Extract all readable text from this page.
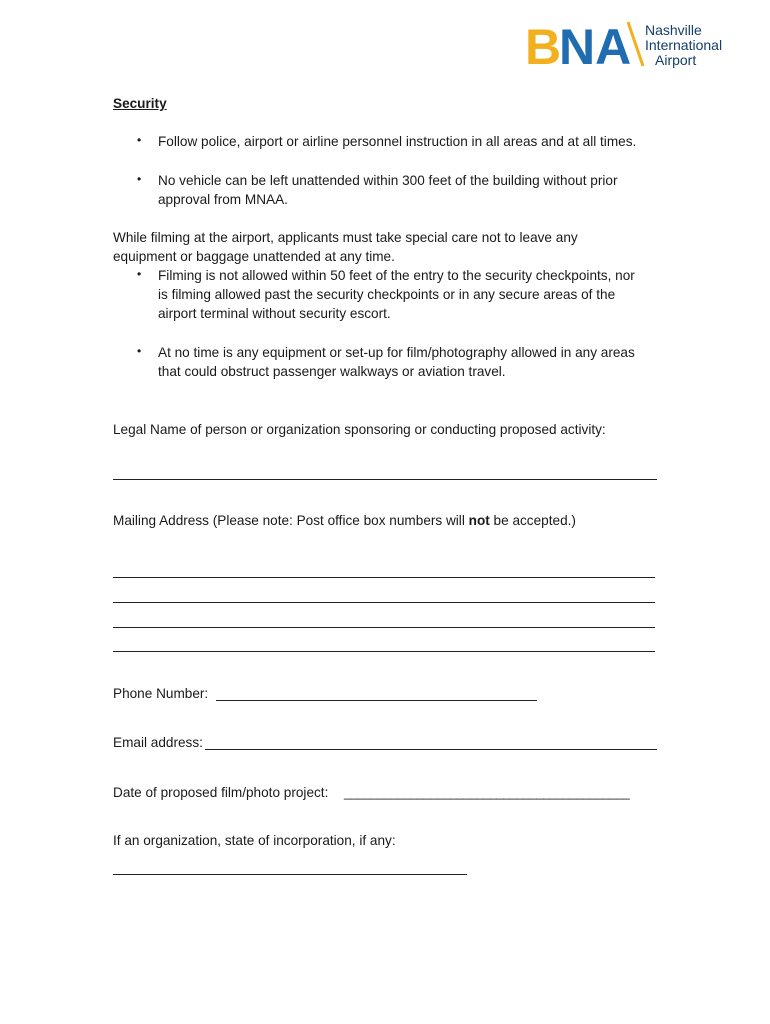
B
NA Nashville
International
Airport
Security
• Follow police, airport or airline personnel instruction in all areas and at all times.
• No vehicle can be left unattended within 300 feet of the building without prior
approval from MNAA.
While filming at the airport, applicants must take special care not to leave any
equipment or baggage unattended at any time.
• Filming is not allowed within 50 feet of the entry to the security checkpoints, nor
is filming allowed past the security checkpoints or in any secure areas of the
airport terminal without security escort.
• At no time is any equipment or set-up for film/photography allowed in any areas
that could obstruct passenger walkways or aviation travel.
Legal Name of person or organization sponsoring or conducting proposed activity:
Mailing Address (Please note: Post office box numbers will not be accepted.)
Phone Number:
Email address:
Date of proposed film/photo project: ___________________________________________
If an organization, state of incorporation, if any:
